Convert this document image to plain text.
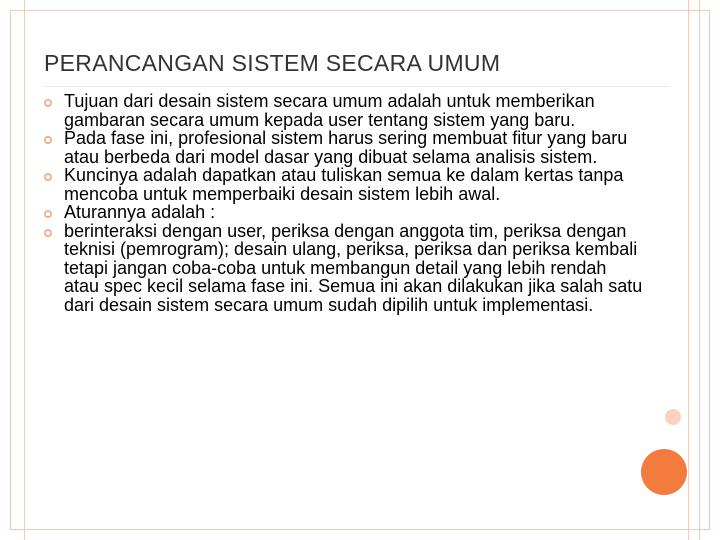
PERANCANGAN SISTEM SECARA UMUM
Tujuan dari desain sistem secara umum adalah untuk memberikan gambaran secara umum kepada user tentang sistem yang baru.
Pada fase ini, profesional sistem harus sering membuat fitur yang baru atau berbeda dari model dasar yang dibuat selama analisis sistem.
Kuncinya adalah dapatkan atau tuliskan semua ke dalam kertas tanpa mencoba untuk memperbaiki desain sistem lebih awal.
Aturannya adalah :
berinteraksi dengan user, periksa dengan anggota tim, periksa dengan teknisi (pemrogram); desain ulang, periksa, periksa dan periksa kembali tetapi jangan coba-coba untuk membangun detail yang lebih rendah atau spec kecil selama fase ini. Semua ini akan dilakukan jika salah satu dari desain sistem secara umum sudah dipilih untuk implementasi.
